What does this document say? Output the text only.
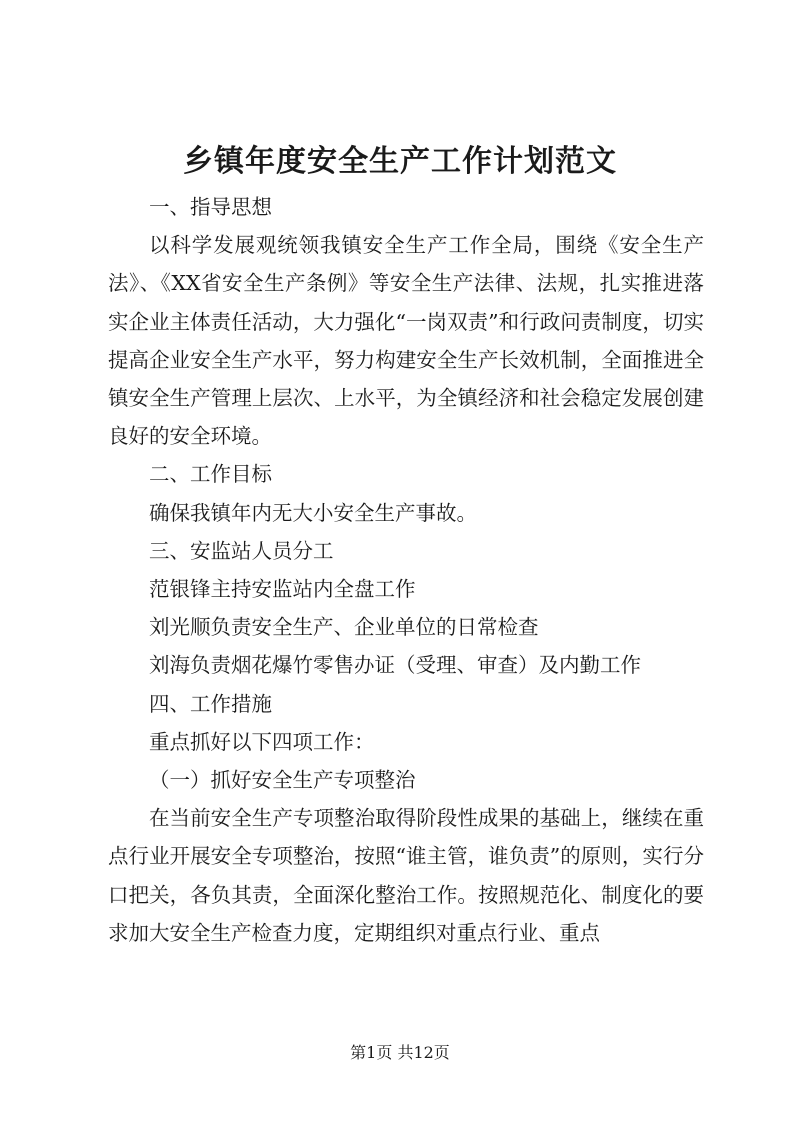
乡镇年度安全生产工作计划范文

一、指导思想

以科学发展观统领我镇安全生产工作全局，围绕《安全生产法》、《XX省安全生产条例》等安全生产法律、法规，扎实推进落实企业主体责任活动，大力强化“一岗双责”和行政问责制度，切实提高企业安全生产水平，努力构建安全生产长效机制，全面推进全镇安全生产管理上层次、上水平，为全镇经济和社会稳定发展创建良好的安全环境。

二、工作目标

确保我镇年内无大小安全生产事故。

三、安监站人员分工

范银锋主持安监站内全盘工作

刘光顺负责安全生产、企业单位的日常检查

刘海负责烟花爆竹零售办证（受理、审查）及内勤工作

四、工作措施

重点抓好以下四项工作：

（一）抓好安全生产专项整治

在当前安全生产专项整治取得阶段性成果的基础上，继续在重点行业开展安全专项整治，按照“谁主管，谁负责”的原则，实行分口把关，各负其责，全面深化整治工作。按照规范化、制度化的要求加大安全生产检查力度，定期组织对重点行业、重点

第1页 共12页
